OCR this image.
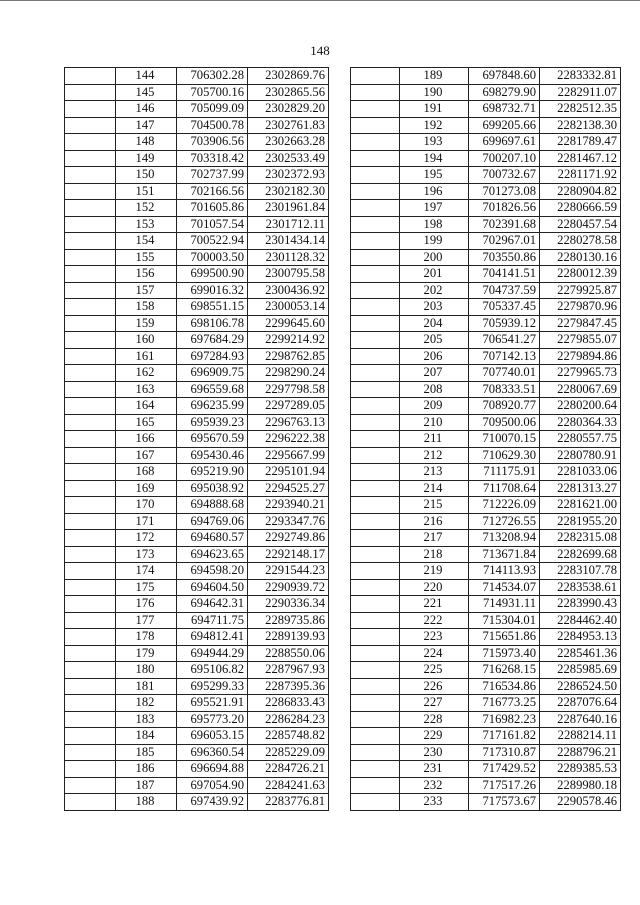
148
	144	706302.28	2302869.76
	145	705700.16	2302865.56
	146	705099.09	2302829.20
	147	704500.78	2302761.83
	148	703906.56	2302663.28
	149	703318.42	2302533.49
	150	702737.99	2302372.93
	151	702166.56	2302182.30
	152	701605.86	2301961.84
	153	701057.54	2301712.11
	154	700522.94	2301434.14
	155	700003.50	2301128.32
	156	699500.90	2300795.58
	157	699016.32	2300436.92
	158	698551.15	2300053.14
	159	698106.78	2299645.60
	160	697684.29	2299214.92
	161	697284.93	2298762.85
	162	696909.75	2298290.24
	163	696559.68	2297798.58
	164	696235.99	2297289.05
	165	695939.23	2296763.13
	166	695670.59	2296222.38
	167	695430.46	2295667.99
	168	695219.90	2295101.94
	169	695038.92	2294525.27
	170	694888.68	2293940.21
	171	694769.06	2293347.76
	172	694680.57	2292749.86
	173	694623.65	2292148.17
	174	694598.20	2291544.23
	175	694604.50	2290939.72
	176	694642.31	2290336.34
	177	694711.75	2289735.86
	178	694812.41	2289139.93
	179	694944.29	2288550.06
	180	695106.82	2287967.93
	181	695299.33	2287395.36
	182	695521.91	2286833.43
	183	695773.20	2286284.23
	184	696053.15	2285748.82
	185	696360.54	2285229.09
	186	696694.88	2284726.21
	187	697054.90	2284241.63
	188	697439.92	2283776.81
	189	697848.60	2283332.81
	190	698279.90	2282911.07
	191	698732.71	2282512.35
	192	699205.66	2282138.30
	193	699697.61	2281789.47
	194	700207.10	2281467.12
	195	700732.67	2281171.92
	196	701273.08	2280904.82
	197	701826.56	2280666.59
	198	702391.68	2280457.54
	199	702967.01	2280278.58
	200	703550.86	2280130.16
	201	704141.51	2280012.39
	202	704737.59	2279925.87
	203	705337.45	2279870.96
	204	705939.12	2279847.45
	205	706541.27	2279855.07
	206	707142.13	2279894.86
	207	707740.01	2279965.73
	208	708333.51	2280067.69
	209	708920.77	2280200.64
	210	709500.06	2280364.33
	211	710070.15	2280557.75
	212	710629.30	2280780.91
	213	711175.91	2281033.06
	214	711708.64	2281313.27
	215	712226.09	2281621.00
	216	712726.55	2281955.20
	217	713208.94	2282315.08
	218	713671.84	2282699.68
	219	714113.93	2283107.78
	220	714534.07	2283538.61
	221	714931.11	2283990.43
	222	715304.01	2284462.40
	223	715651.86	2284953.13
	224	715973.40	2285461.36
	225	716268.15	2285985.69
	226	716534.86	2286524.50
	227	716773.25	2287076.64
	228	716982.23	2287640.16
	229	717161.82	2288214.11
	230	717310.87	2288796.21
	231	717429.52	2289385.53
	232	717517.26	2289980.18
	233	717573.67	2290578.46
